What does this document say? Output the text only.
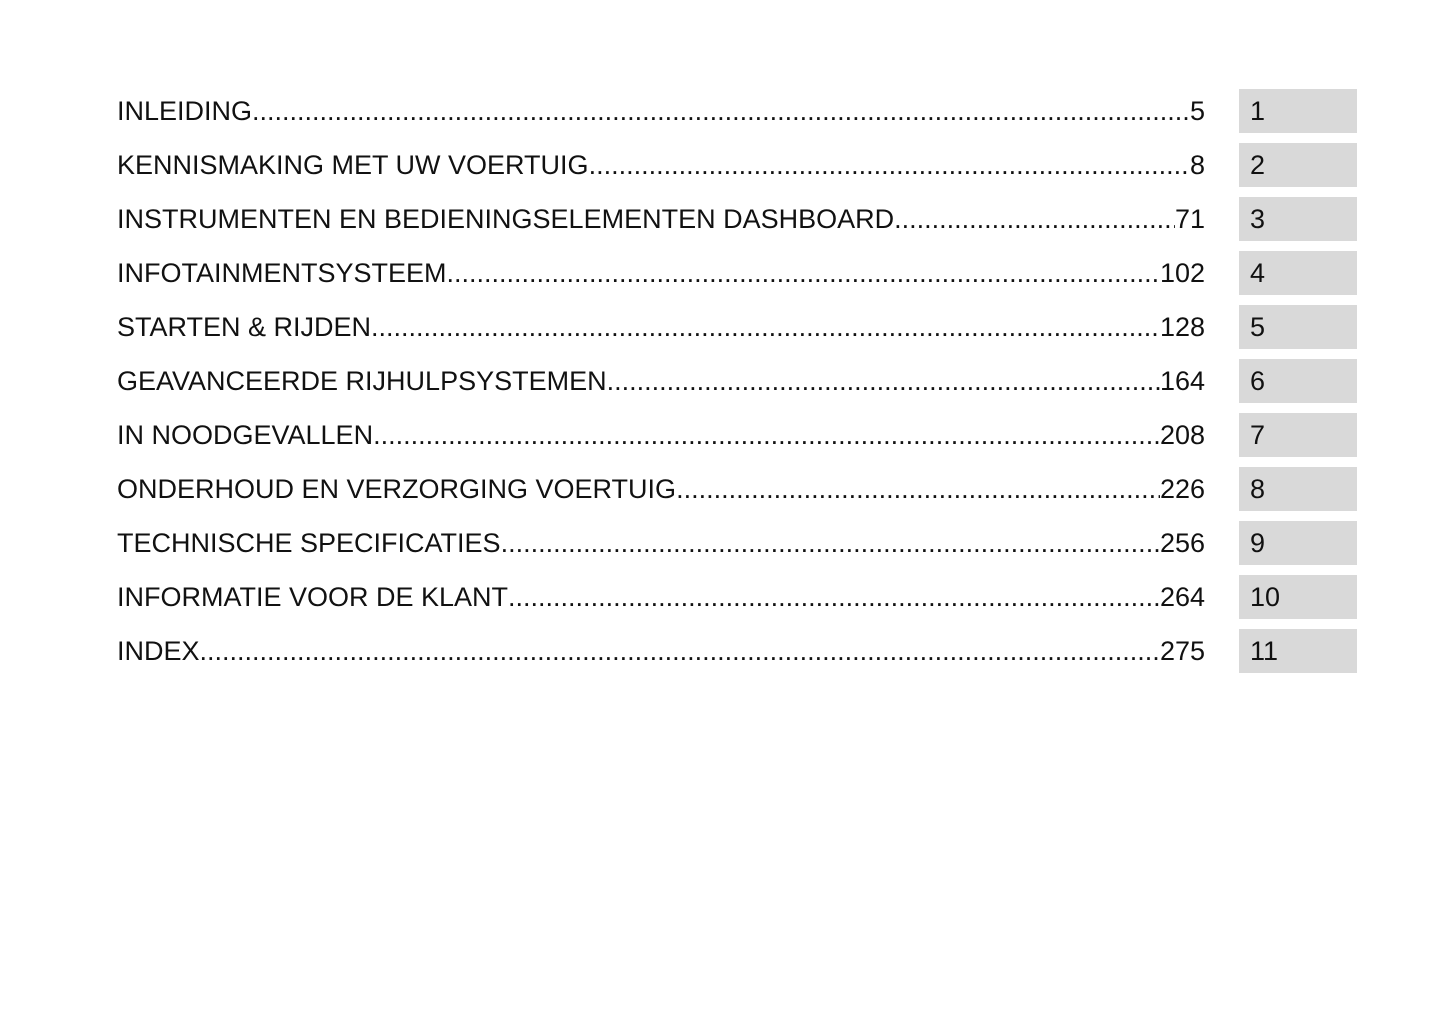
INLEIDING .....	5	1
KENNISMAKING MET UW VOERTUIG .....	8	2
INSTRUMENTEN EN BEDIENINGSELEMENTEN DASHBOARD .....	71	3
INFOTAINMENTSYSTEEM .....	102	4
STARTEN & RIJDEN .....	128	5
GEAVANCEERDE RIJHULPSYSTEMEN .....	164	6
IN NOODGEVALLEN .....	208	7
ONDERHOUD EN VERZORGING VOERTUIG .....	226	8
TECHNISCHE SPECIFICATIES .....	256	9
INFORMATIE VOOR DE KLANT .....	264	10
INDEX .....	275	11
